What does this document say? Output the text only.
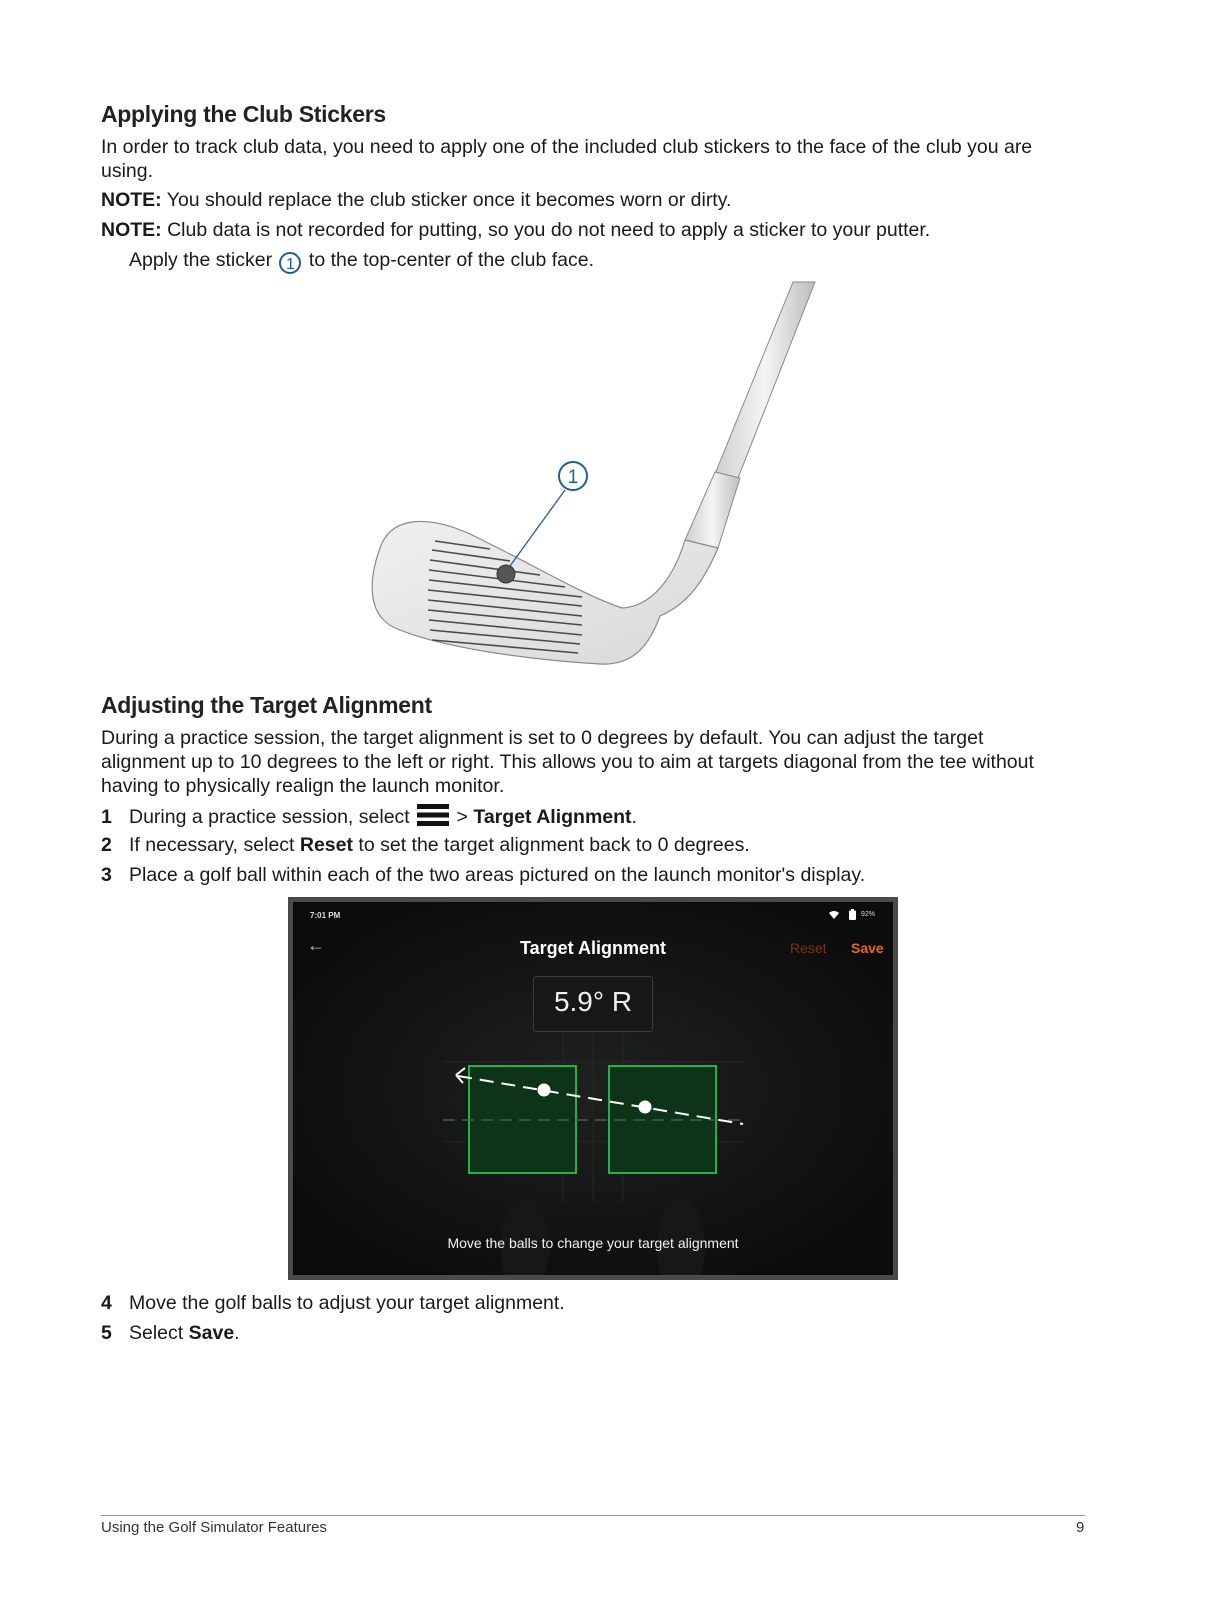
Applying the Club Stickers

In order to track club data, you need to apply one of the included club stickers to the face of the club you are
using.

NOTE: You should replace the club sticker once it becomes worn or dirty.

NOTE: Club data is not recorded for putting, so you do not need to apply a sticker to your putter.

Apply the sticker 1 to the top-center of the club face.

1
Adjusting the Target Alignment

During a practice session, the target alignment is set to 0 degrees by default. You can adjust the target
alignment up to 10 degrees to the left or right. This allows you to aim at targets diagonal from the tee without
having to physically realign the launch monitor.

1 During a practice session, select  > Target Alignment.

2 If necessary, select Reset to set the target alignment back to 0 degrees.

3 Place a golf ball within each of the two areas pictured on the launch monitor's display.

7:01 PM	92%
←	Target Alignment	Reset Save
5.9° R
Move the balls to change your target alignment

4 Move the golf balls to adjust your target alignment.

5 Select Save.

Using the Golf Simulator Features	9
